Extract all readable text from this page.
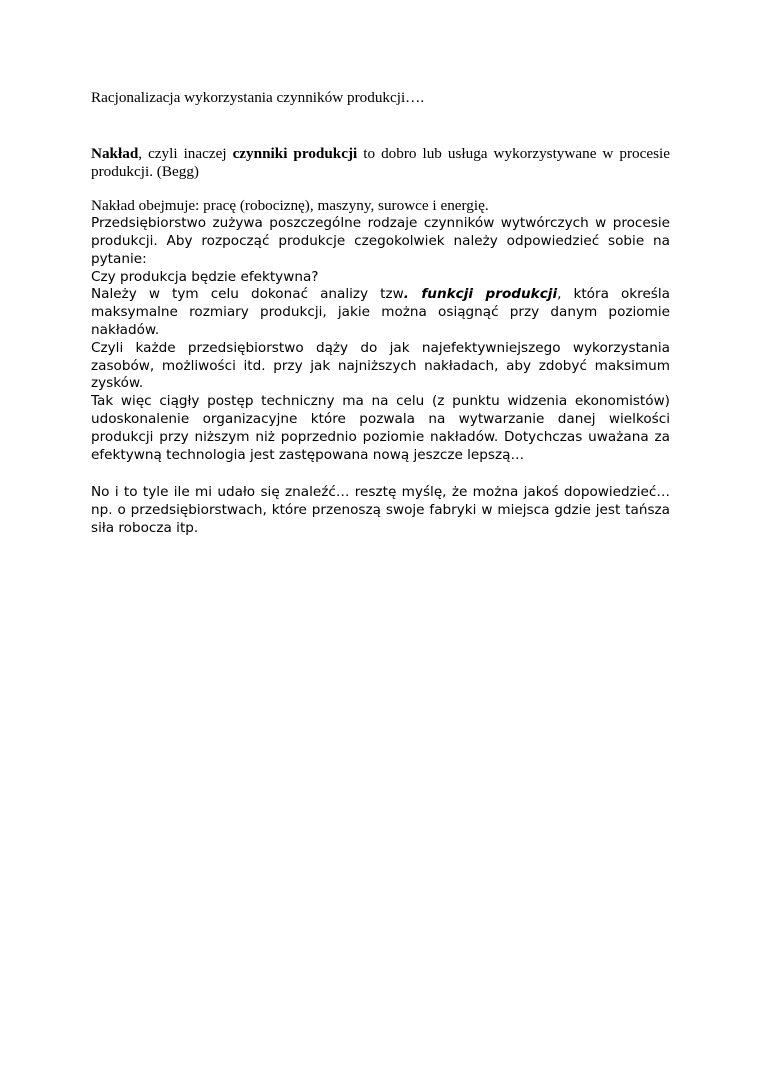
Racjonalizacja wykorzystania czynników produkcji….

Nakład, czyli inaczej czynniki produkcji to dobro lub usługa wykorzystywane w procesie produkcji. (Begg)

Nakład obejmuje: pracę (robociznę), maszyny, surowce i energię.

Przedsiębiorstwo zużywa poszczególne rodzaje czynników wytwórczych w procesie produkcji. Aby rozpocząć produkcje czegokolwiek należy odpowiedzieć sobie na pytanie:

Czy produkcja będzie efektywna?

Należy w tym celu dokonać analizy tzw. funkcji produkcji, która określa maksymalne rozmiary produkcji, jakie można osiągnąć przy danym poziomie nakładów.

Czyli każde przedsiębiorstwo dąży do jak najefektywniejszego wykorzystania zasobów, możliwości itd. przy jak najniższych nakładach, aby zdobyć maksimum zysków.

Tak więc ciągły postęp techniczny ma na celu (z punktu widzenia ekonomistów) udoskonalenie organizacyjne które pozwala na wytwarzanie danej wielkości produkcji przy niższym niż poprzednio poziomie nakładów. Dotychczas uważana za efektywną technologia jest zastępowana nową jeszcze lepszą…

No i to tyle ile mi udało się znaleźć… resztę myślę, że można jakoś dopowiedzieć… np. o przedsiębiorstwach, które przenoszą swoje fabryki w miejsca gdzie jest tańsza siła robocza itp.
